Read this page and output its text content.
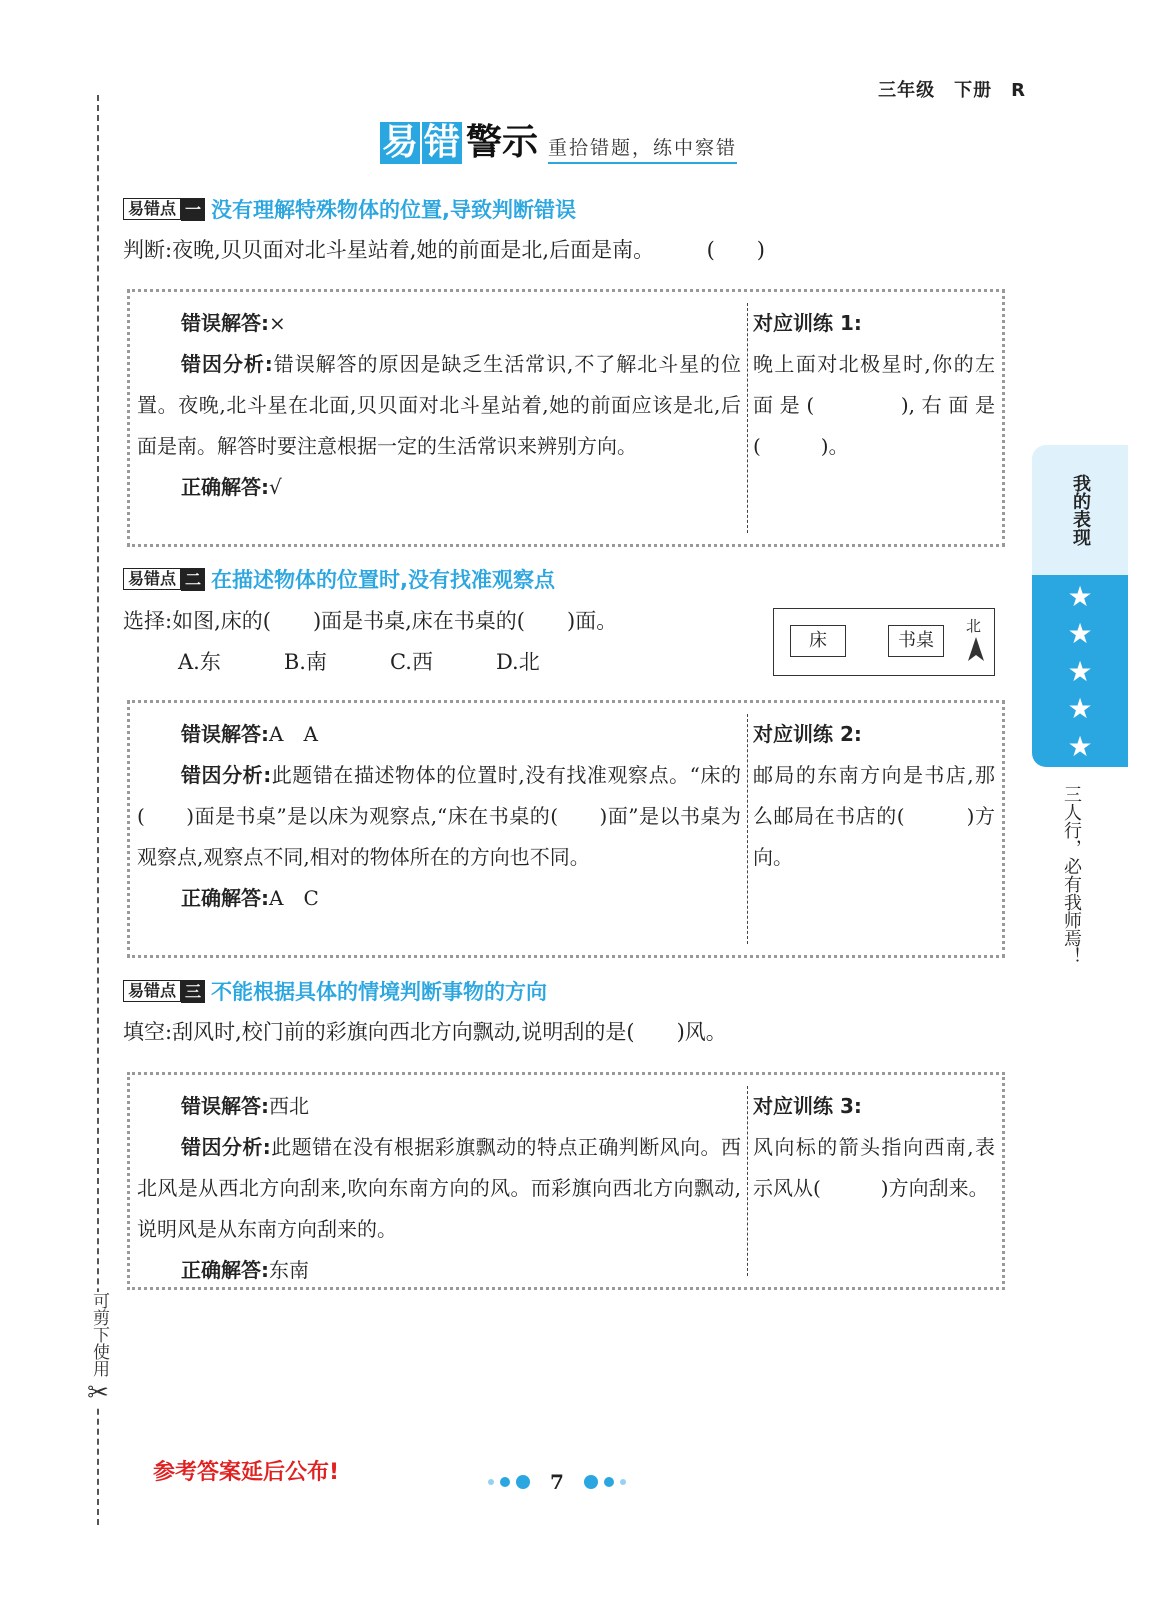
可剪下使用
✂
三年级　下册　R
易 错 警示 重拾错题，练中察错
易错点 一 没有理解特殊物体的位置,导致判断错误
判断:夜晚,贝贝面对北斗星站着,她的前面是北,后面是南。　　　(　　)
错误解答:×
错因分析:错误解答的原因是缺乏生活常识,不了解北斗星的位置。夜晚,北斗星在北面,贝贝面对北斗星站着,她的前面应该是北,后面是南。解答时要注意根据一定的生活常识来辨别方向。
正确解答:√
对应训练 1:
晚上面对北极星时,你的左面是(　　　),右面是(　　　)。
易错点 二 在描述物体的位置时,没有找准观察点
选择:如图,床的(　　)面是书桌,床在书桌的(　　)面。
A.东　　　B.南　　　C.西　　　D.北
床	书桌
北
错误解答:A　A
错因分析:此题错在描述物体的位置时,没有找准观察点。“床的(　　)面是书桌”是以床为观察点,“床在书桌的(　　)面”是以书桌为观察点,观察点不同,相对的物体所在的方向也不同。
正确解答:A　C
对应训练 2:
邮局的东南方向是书店,那么邮局在书店的(　　　)方向。
易错点 三 不能根据具体的情境判断事物的方向
填空:刮风时,校门前的彩旗向西北方向飘动,说明刮的是(　　)风。
错误解答:西北
错因分析:此题错在没有根据彩旗飘动的特点正确判断风向。西北风是从西北方向刮来,吹向东南方向的风。而彩旗向西北方向飘动,说明风是从东南方向刮来的。
正确解答:东南
对应训练 3:
风向标的箭头指向西南,表示风从(　　　)方向刮来。
我的表现
★
★
★
★
★
三人行，必有我师焉！
参考答案延后公布!	7
